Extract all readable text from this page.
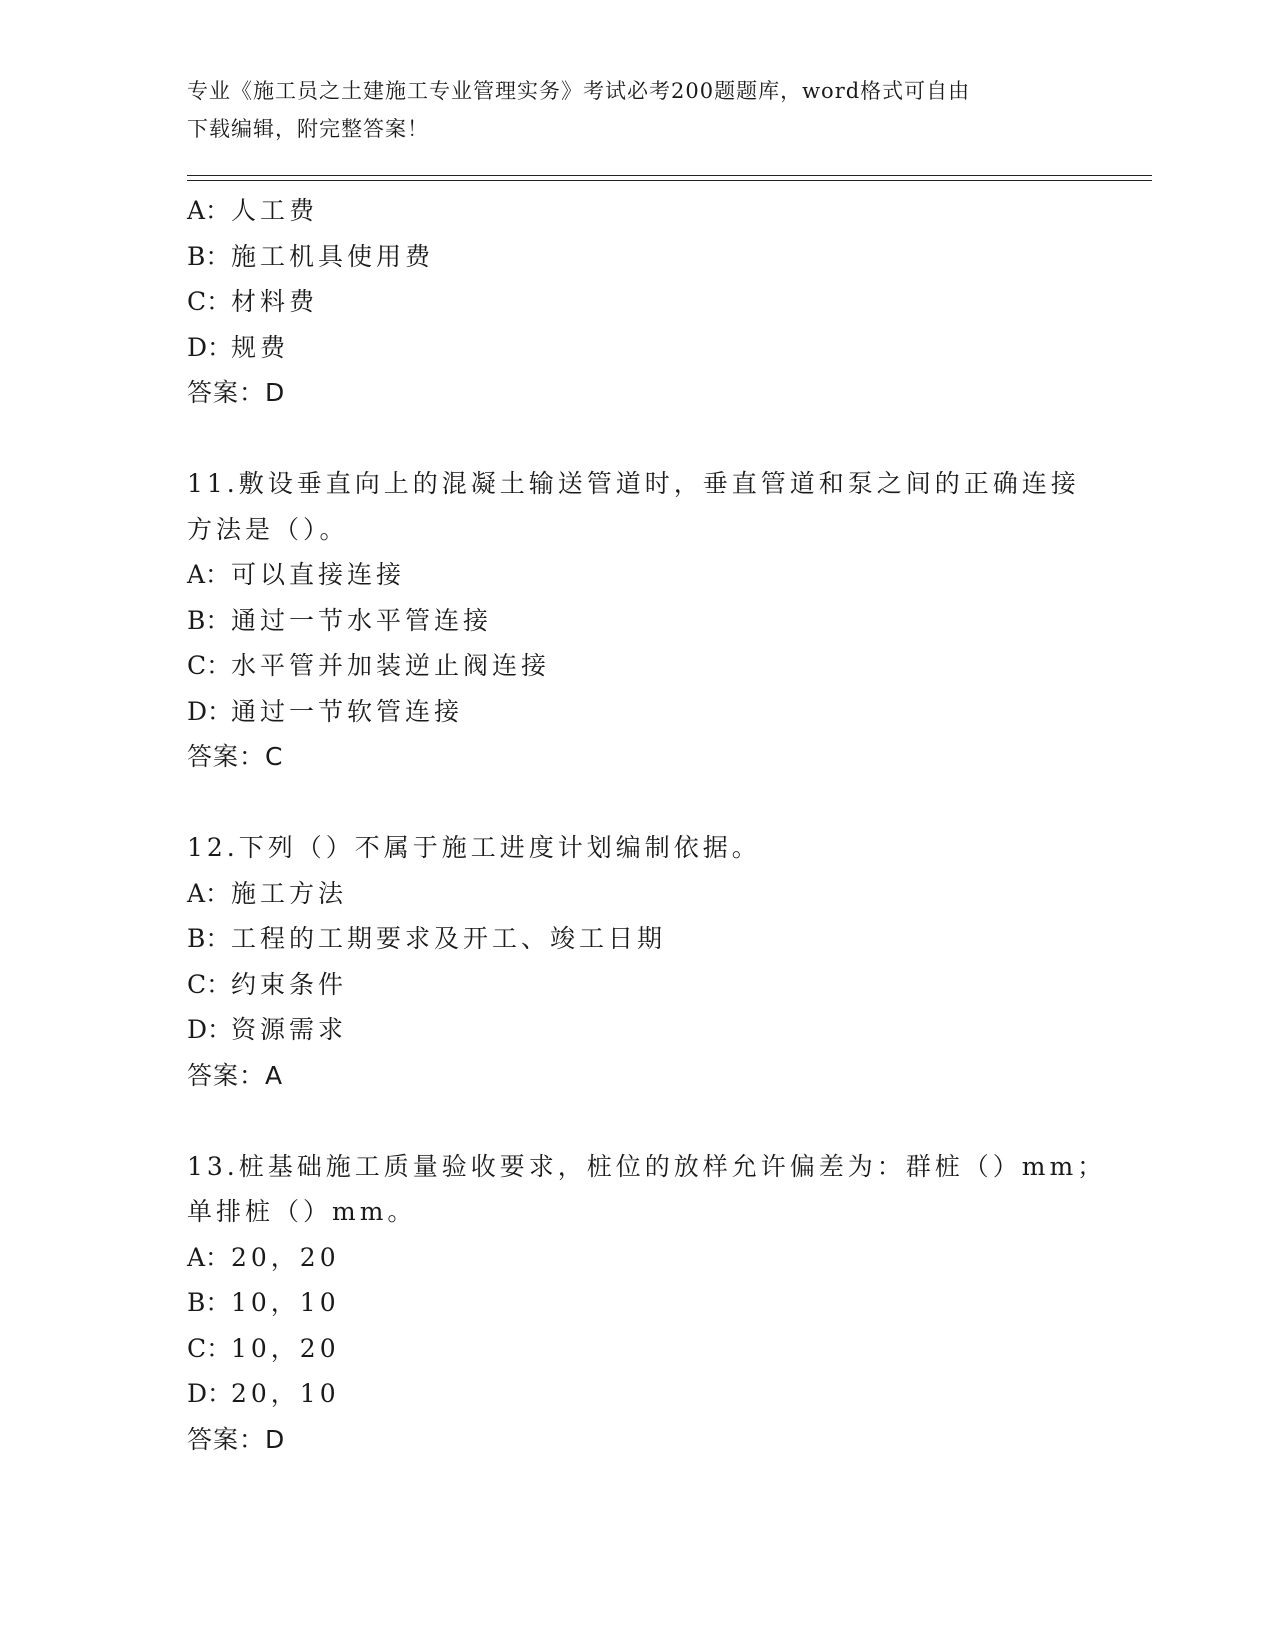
专业《施工员之土建施工专业管理实务》考试必考200题题库，word格式可自由
下载编辑，附完整答案！
A：人工费
B：施工机具使用费
C：材料费
D：规费
答案：D
11.敷设垂直向上的混凝土输送管道时，垂直管道和泵之间的正确连接
方法是（）。
A：可以直接连接
B：通过一节水平管连接
C：水平管并加装逆止阀连接
D：通过一节软管连接
答案：C
12.下列（）不属于施工进度计划编制依据。
A：施工方法
B：工程的工期要求及开工、竣工日期
C：约束条件
D：资源需求
答案：A
13.桩基础施工质量验收要求，桩位的放样允许偏差为：群桩（）mm；
单排桩（）mm。
A：20，20
B：10，10
C：10，20
D：20，10
答案：D
